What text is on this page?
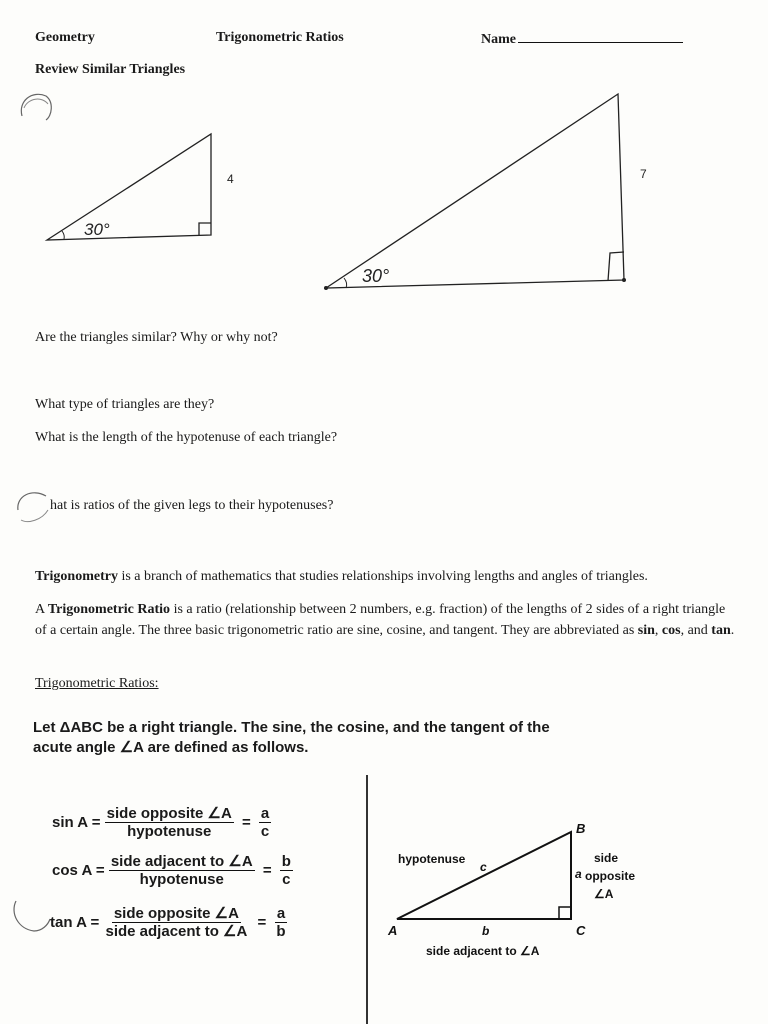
Geometry	Trigonometric Ratios	Name
Review Similar Triangles
30°
4
30°
7
Are the triangles similar? Why or why not?
What type of triangles are they?
What is the length of the hypotenuse of each triangle?
hat is ratios of the given legs to their hypotenuses?
Trigonometry is a branch of mathematics that studies relationships involving lengths and angles of triangles.
A Trigonometric Ratio is a ratio (relationship between 2 numbers, e.g. fraction) of the lengths of 2 sides of a right triangle of a certain angle. The three basic trigonometric ratio are sine, cosine, and tangent. They are abbreviated as sin, cos, and tan.
Trigonometric Ratios:
Let ΔABC be a right triangle. The sine, the cosine, and the tangent of the
acute angle ∠A are defined as follows.
$\sin A = \frac{\text{side opposite ∠A}}{\text{hypotenuse}} = \frac{a}{c}$
$\cos A = \frac{\text{side adjacent to ∠A}}{\text{hypotenuse}} = \frac{b}{c}$
$\tan A = \frac{\text{side opposite ∠A}}{\text{side adjacent to ∠A}} = \frac{a}{b}$
hypotenuse
c
B
A	C
a
b
side
opposite
∠A
side adjacent to ∠A
